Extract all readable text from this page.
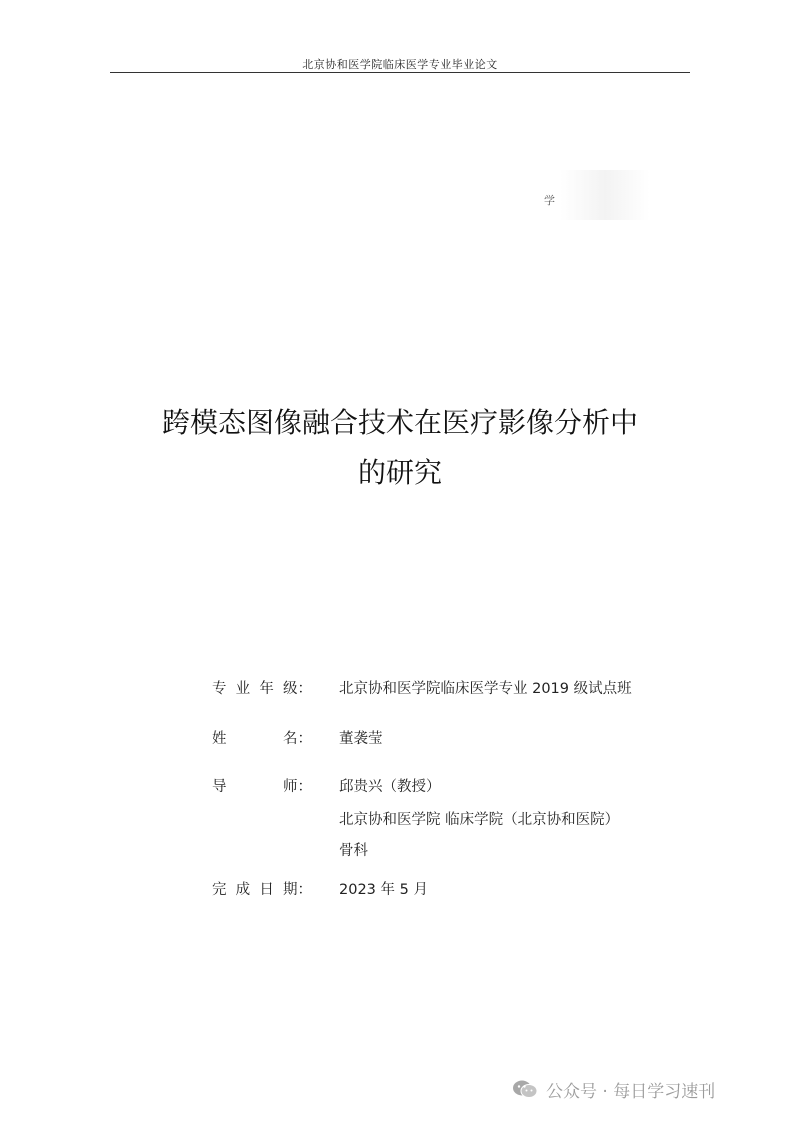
北京协和医学院临床医学专业毕业论文
学
跨模态图像融合技术在医疗影像分析中
的研究
专 业 年 级： 北京协和医学院临床医学专业 2019 级试点班
姓	名： 董袭莹
导	师： 邱贵兴（教授）
北京协和医学院 临床学院（北京协和医院）
骨科
完 成 日 期： 2023 年 5 月
公众号 · 每日学习速刊
